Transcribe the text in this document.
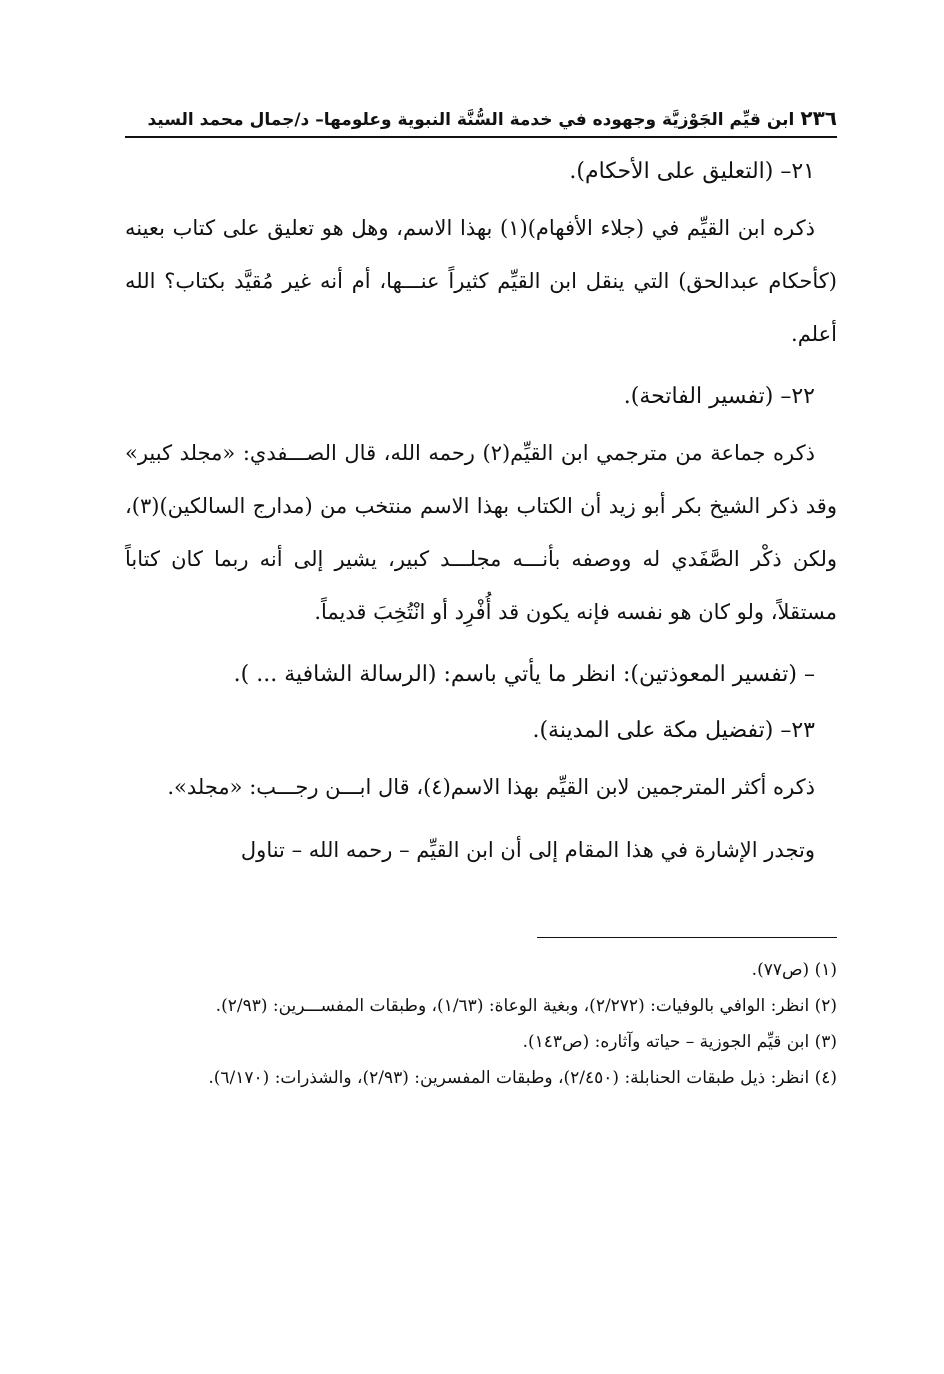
٢٣٦ابن قيِّم الجَوْزيَّة وجهوده في خدمة السُّنَّة النبوية وعلومها– د/جمال محمد السيد
٢١– (التعليق على الأحكام).

ذكره ابن القيِّم في (جلاء الأفهام)(١) بهذا الاسم، وهل هو تعليق على كتاب بعينه (كأحكام عبدالحق) التي ينقل ابن القيِّم كثيراً عنـــها، أم أنه غير مُقيَّد بكتاب؟ الله أعلم.

٢٢– (تفسير الفاتحة).

ذكره جماعة من مترجمي ابن القيِّم(٢) رحمه الله، قال الصـــفدي: «مجلد كبير» وقد ذكر الشيخ بكر أبو زيد أن الكتاب بهذا الاسم منتخب من (مدارج السالكين)(٣)، ولكن ذكْر الصَّفَدي له ووصفه بأنـــه مجلـــد كبير، يشير إلى أنه ربما كان كتاباً مستقلاً، ولو كان هو نفسه فإنه يكون قد أُفْرِد أو انْتُخِبَ قديماً.

– (تفسير المعوذتين): انظر ما يأتي باسم: (الرسالة الشافية ... ).
٢٣– (تفضيل مكة على المدينة).

ذكره أكثر المترجمين لابن القيِّم بهذا الاسم(٤)، قال ابـــن رجـــب: «مجلد».

وتجدر الإشارة في هذا المقام إلى أن ابن القيِّم – رحمه الله – تناول

(١) (ص٧٧).

(٢) انظر: الوافي بالوفيات: (٢/٢٧٢)، وبغية الوعاة: (١/٦٣)، وطبقات المفســـرين: (٢/٩٣).

(٣) ابن قيِّم الجوزية – حياته وآثاره: (ص١٤٣).

(٤) انظر: ذيل طبقات الحنابلة: (٢/٤٥٠)، وطبقات المفسرين: (٢/٩٣)، والشذرات: (٦/١٧٠).
